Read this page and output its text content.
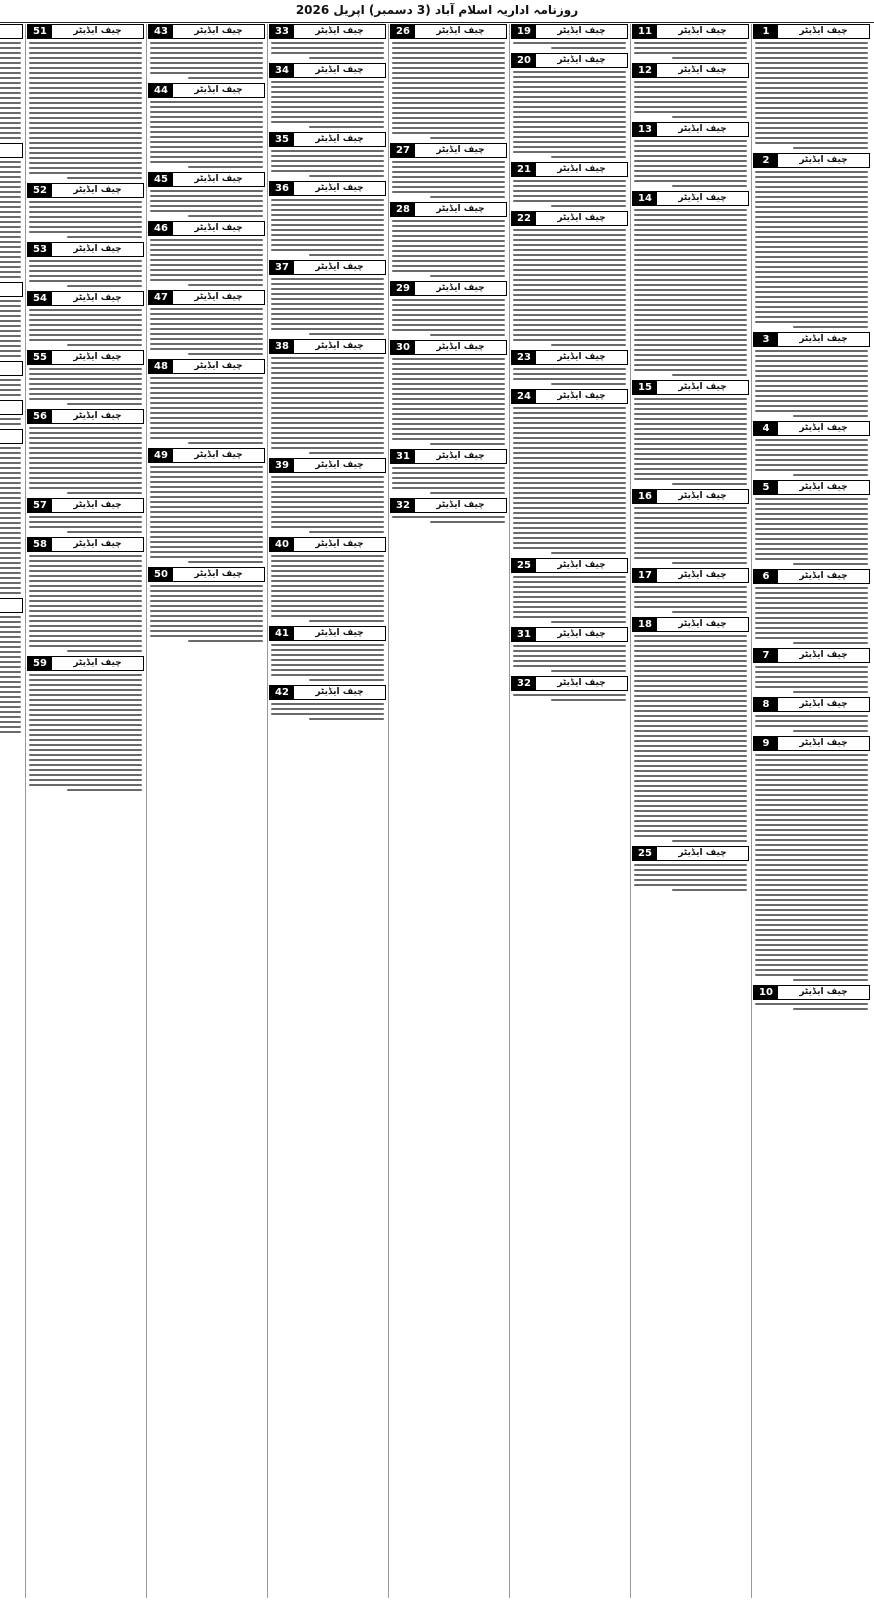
روزنامہ اداریہ اسلام آباد (3 دسمبر) اپریل 2026
1	چیف ایڈیٹر
2	چیف ایڈیٹر
3	چیف ایڈیٹر
4	چیف ایڈیٹر
5	چیف ایڈیٹر
6	چیف ایڈیٹر
7	چیف ایڈیٹر
8	چیف ایڈیٹر
9	چیف ایڈیٹر
10	چیف ایڈیٹر
11	چیف ایڈیٹر
12	چیف ایڈیٹر
13	چیف ایڈیٹر
14	چیف ایڈیٹر
15	چیف ایڈیٹر
16	چیف ایڈیٹر
17	چیف ایڈیٹر
18	چیف ایڈیٹر
25	چیف ایڈیٹر
19	چیف ایڈیٹر
20	چیف ایڈیٹر
21	چیف ایڈیٹر
22	چیف ایڈیٹر
23	چیف ایڈیٹر
24	چیف ایڈیٹر
25	چیف ایڈیٹر
31	چیف ایڈیٹر
32	چیف ایڈیٹر
26	چیف ایڈیٹر
27	چیف ایڈیٹر
28	چیف ایڈیٹر
29	چیف ایڈیٹر
30	چیف ایڈیٹر
31	چیف ایڈیٹر
32	چیف ایڈیٹر
33	چیف ایڈیٹر
34	چیف ایڈیٹر
35	چیف ایڈیٹر
36	چیف ایڈیٹر
37	چیف ایڈیٹر
38	چیف ایڈیٹر
39	چیف ایڈیٹر
40	چیف ایڈیٹر
41	چیف ایڈیٹر
42	چیف ایڈیٹر
43	چیف ایڈیٹر
44	چیف ایڈیٹر
45	چیف ایڈیٹر
46	چیف ایڈیٹر
47	چیف ایڈیٹر
48	چیف ایڈیٹر
49	چیف ایڈیٹر
50	چیف ایڈیٹر
51	چیف ایڈیٹر
52	چیف ایڈیٹر
53	چیف ایڈیٹر
54	چیف ایڈیٹر
55	چیف ایڈیٹر
56	چیف ایڈیٹر
57	چیف ایڈیٹر
58	چیف ایڈیٹر
59	چیف ایڈیٹر
